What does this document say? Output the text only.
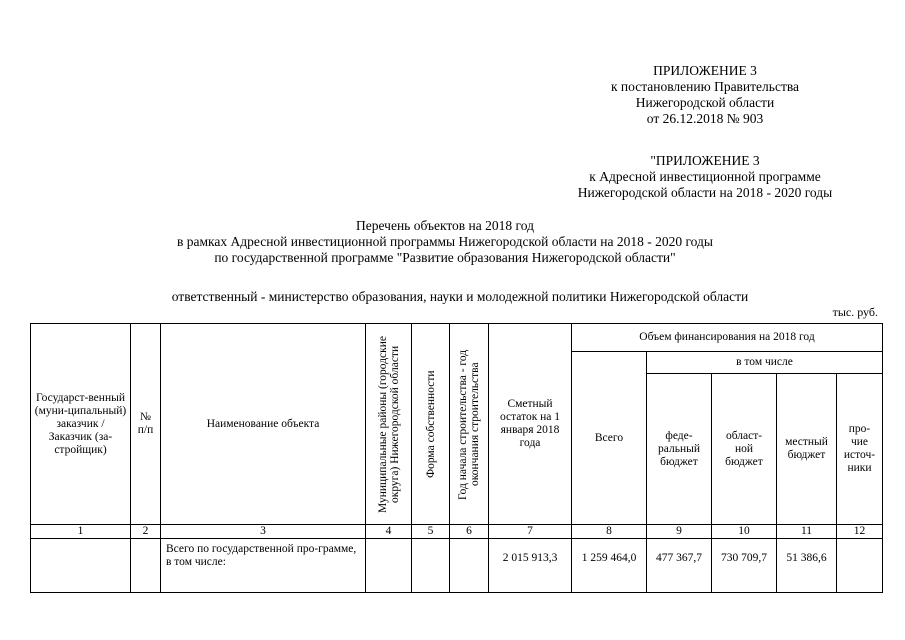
ПРИЛОЖЕНИЕ 3
к постановлению Правительства
Нижегородской области
от 26.12.2018 № 903
"ПРИЛОЖЕНИЕ 3
к Адресной инвестиционной программе
Нижегородской области на 2018 - 2020 годы
Перечень объектов на 2018 год
в рамках Адресной инвестиционной программы Нижегородской области на 2018 - 2020 годы
по государственной программе "Развитие образования Нижегородской области"
ответственный - министерство образования, науки и молодежной политики Нижегородской области
тыс. руб.
Государст-венный (муни-ципальный) заказчик / Заказчик (за-стройщик)	№ п/п	Наименование объекта	Муниципальные районы (городские округа) Нижегородской области	Форма собственности	Год начала строительства - год окончания строительства	Сметный остаток на 1 января 2018 года	Объем финансирования на 2018 год				
							Всего	в том числе			
								феде-ральный бюджет	област-ной бюджет	местный бюджет	про-чие источ-ники
1	2	3	4	5	6	7	8	9	10	11	12
		Всего по государственной про-грамме, в том числе:				2 015 913,3	1 259 464,0	477 367,7	730 709,7	51 386,6	
